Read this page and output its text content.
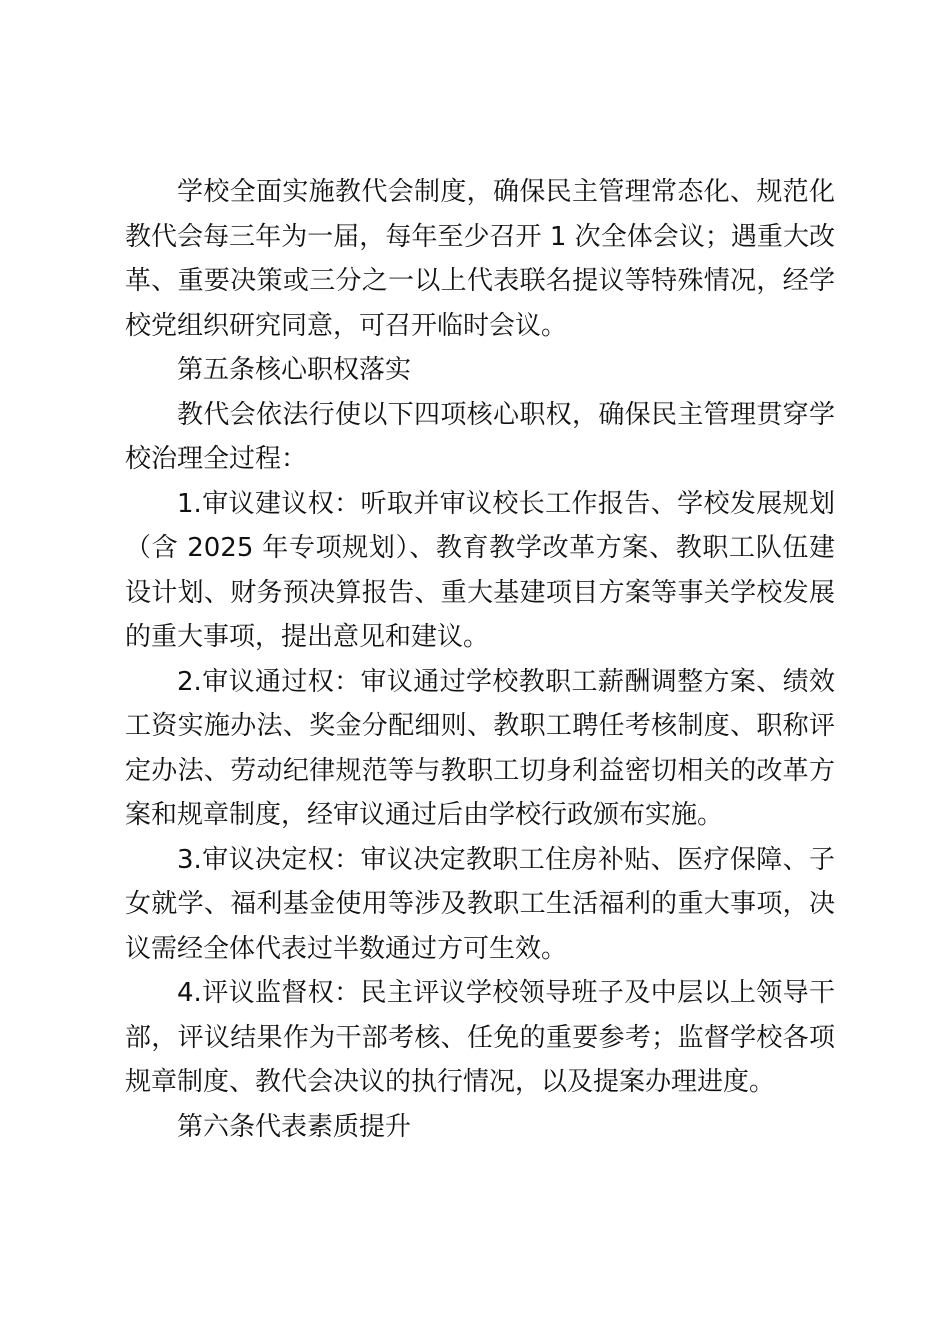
学校全面实施教代会制度，确保民主管理常态化、规范化教代会每三年为一届，每年至少召开 1 次全体会议；遇重大改革、重要决策或三分之一以上代表联名提议等特殊情况，经学校党组织研究同意，可召开临时会议。

第五条核心职权落实

教代会依法行使以下四项核心职权，确保民主管理贯穿学校治理全过程：

1.审议建议权：听取并审议校长工作报告、学校发展规划（含 2025 年专项规划）、教育教学改革方案、教职工队伍建设计划、财务预决算报告、重大基建项目方案等事关学校发展的重大事项，提出意见和建议。

2.审议通过权：审议通过学校教职工薪酬调整方案、绩效工资实施办法、奖金分配细则、教职工聘任考核制度、职称评定办法、劳动纪律规范等与教职工切身利益密切相关的改革方案和规章制度，经审议通过后由学校行政颁布实施。

3.审议决定权：审议决定教职工住房补贴、医疗保障、子女就学、福利基金使用等涉及教职工生活福利的重大事项，决议需经全体代表过半数通过方可生效。

4.评议监督权：民主评议学校领导班子及中层以上领导干部，评议结果作为干部考核、任免的重要参考；监督学校各项规章制度、教代会决议的执行情况，以及提案办理进度。

第六条代表素质提升
